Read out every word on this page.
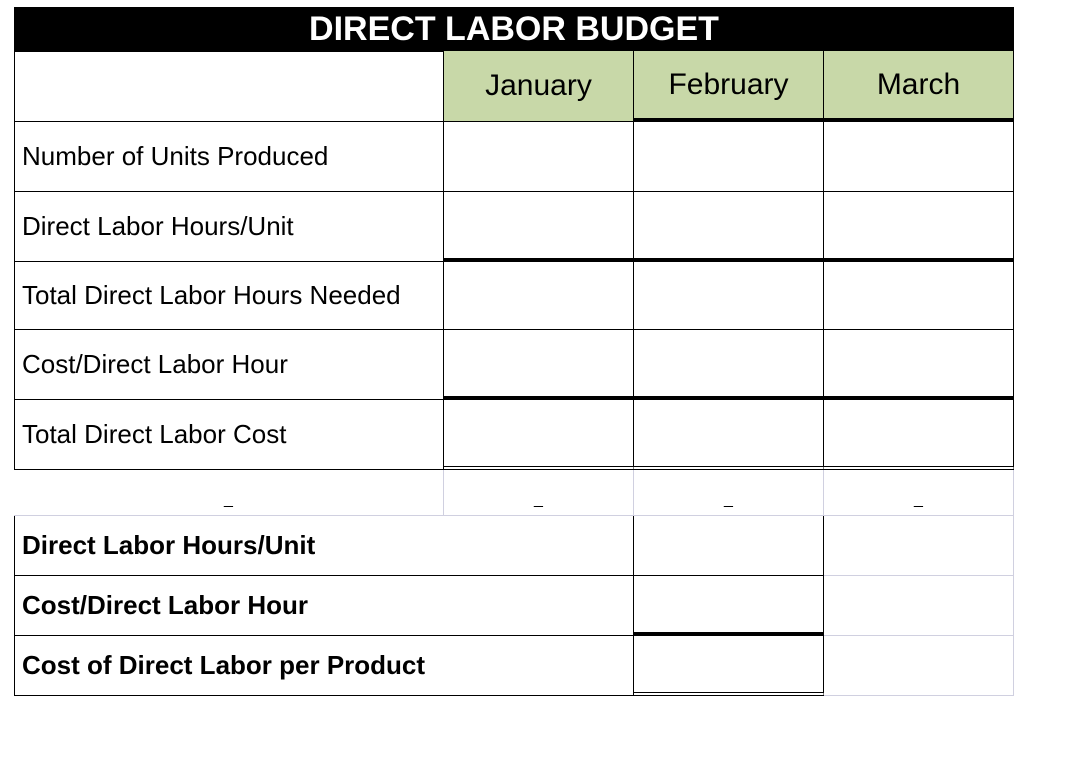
DIRECT LABOR BUDGET
January	February	March
Number of Units Produced
Direct Labor Hours/Unit
Total Direct Labor Hours Needed
Cost/Direct Labor Hour
Total Direct Labor Cost
_	_	_	_
Direct Labor Hours/Unit
Cost/Direct Labor Hour
Cost of Direct Labor per Product
